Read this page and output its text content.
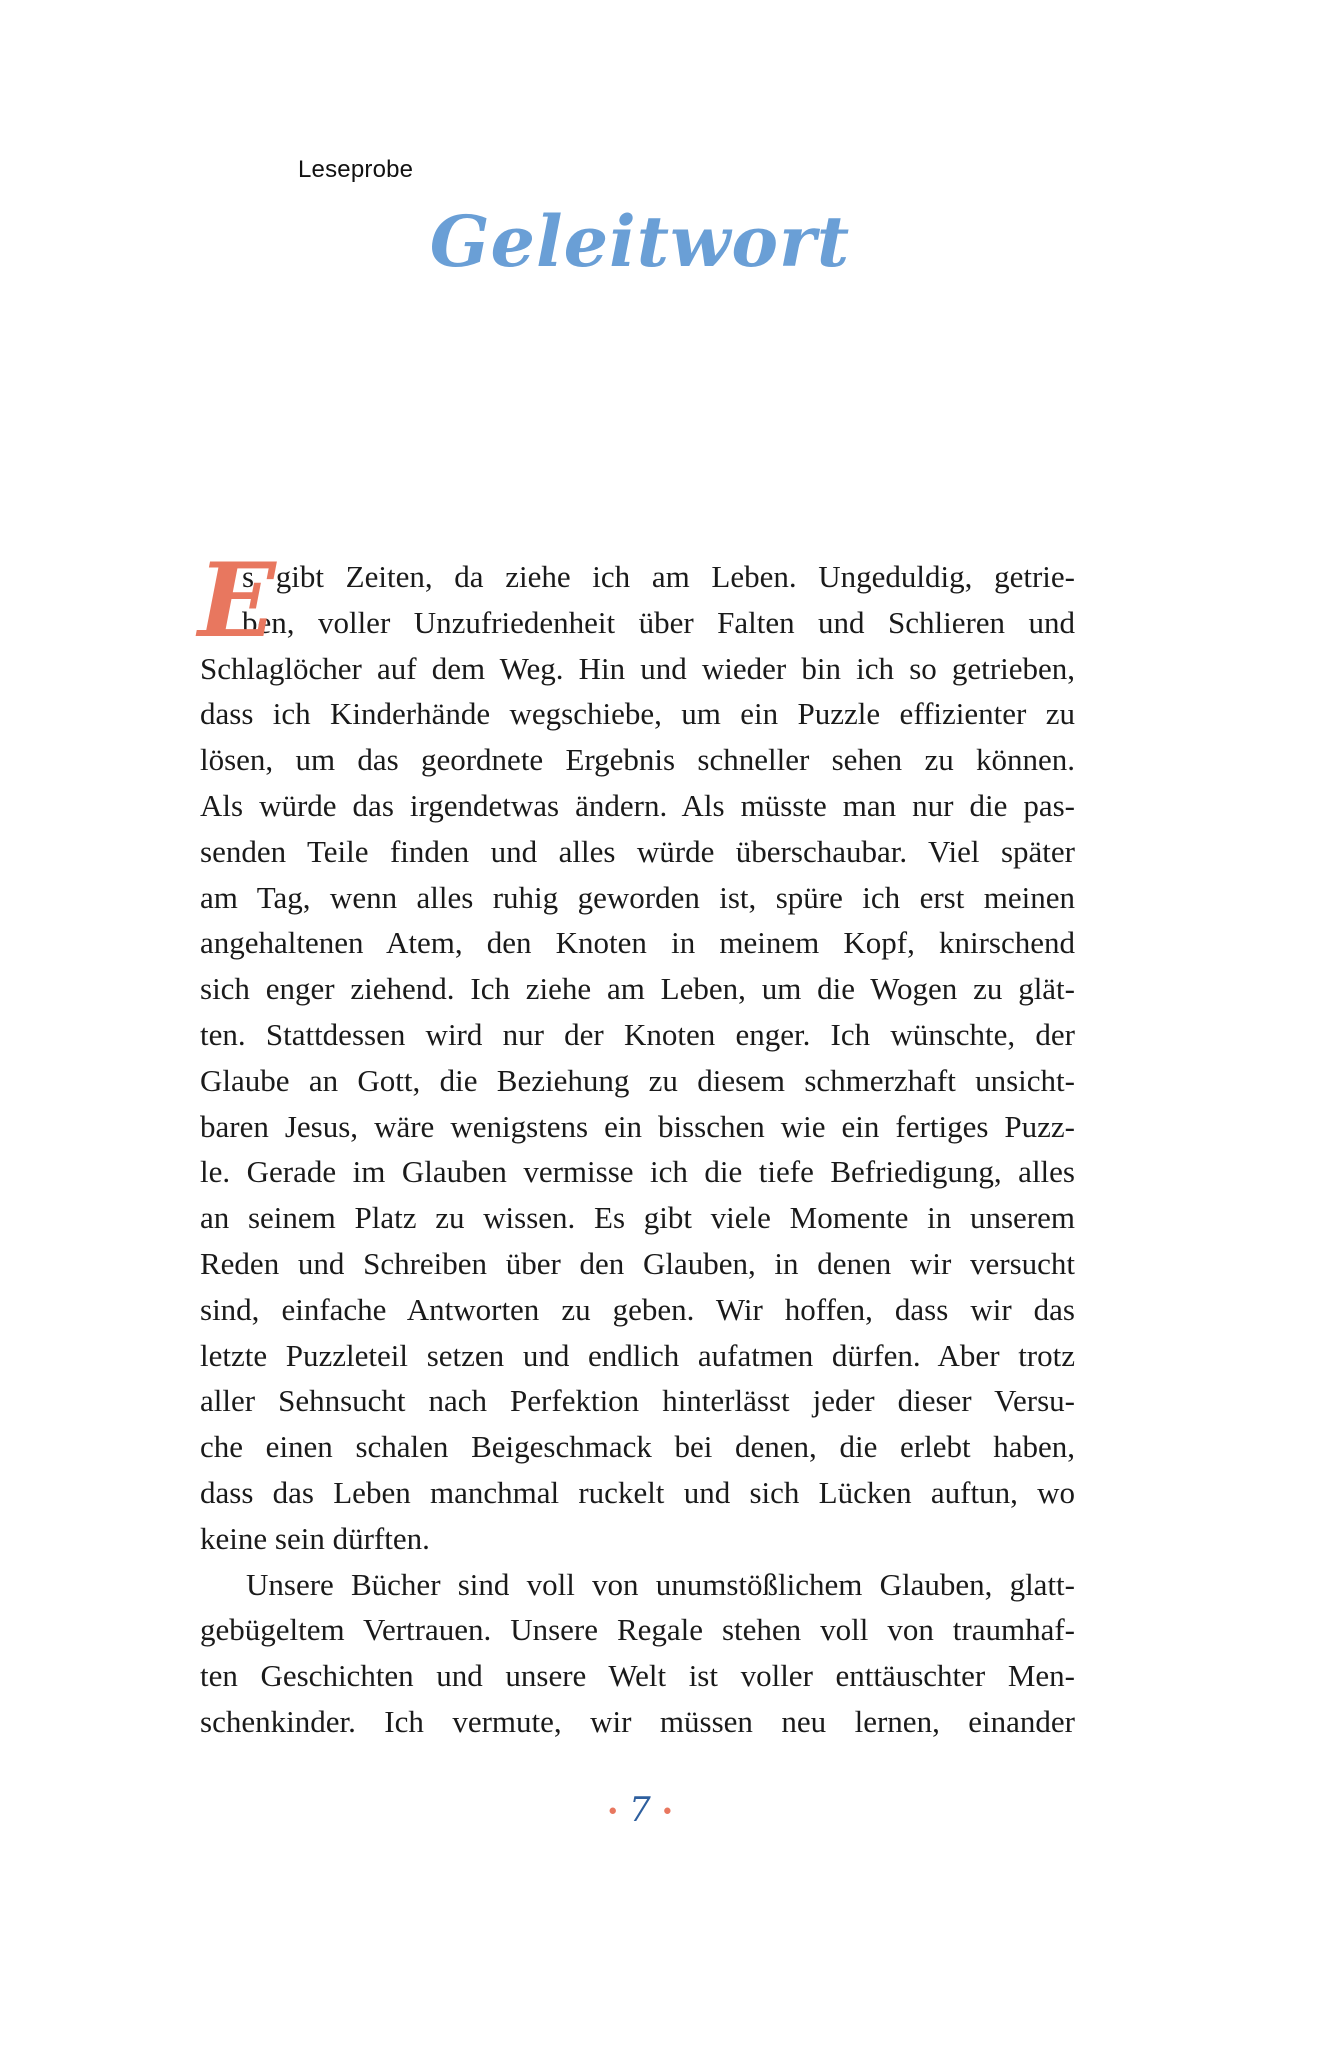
Leseprobe
Geleitwort
E
s gibt Zeiten, da ziehe ich am Leben. Ungeduldig, getrie-
ben, voller Unzufriedenheit über Falten und Schlieren und
Schlaglöcher auf dem Weg. Hin und wieder bin ich so getrieben,
dass ich Kinderhände wegschiebe, um ein Puzzle effizienter zu
lösen, um das geordnete Ergebnis schneller sehen zu können.
Als würde das irgendetwas ändern. Als müsste man nur die pas-
senden Teile finden und alles würde überschaubar. Viel später
am Tag, wenn alles ruhig geworden ist, spüre ich erst meinen
angehaltenen Atem, den Knoten in meinem Kopf, knirschend
sich enger ziehend. Ich ziehe am Leben, um die Wogen zu glät-
ten. Stattdessen wird nur der Knoten enger. Ich wünschte, der
Glaube an Gott, die Beziehung zu diesem schmerzhaft unsicht-
baren Jesus, wäre wenigstens ein bisschen wie ein fertiges Puzz-
le. Gerade im Glauben vermisse ich die tiefe Befriedigung, alles
an seinem Platz zu wissen. Es gibt viele Momente in unserem
Reden und Schreiben über den Glauben, in denen wir versucht
sind, einfache Antworten zu geben. Wir hoffen, dass wir das
letzte Puzzleteil setzen und endlich aufatmen dürfen. Aber trotz
aller Sehnsucht nach Perfektion hinterlässt jeder dieser Versu-
che einen schalen Beigeschmack bei denen, die erlebt haben,
dass das Leben manchmal ruckelt und sich Lücken auftun, wo
keine sein dürften.
Unsere Bücher sind voll von unumstößlichem Glauben, glatt-
gebügeltem Vertrauen. Unsere Regale stehen voll von traumhaf-
ten Geschichten und unsere Welt ist voller enttäuschter Men-
schenkinder. Ich vermute, wir müssen neu lernen, einander
• 7 •
